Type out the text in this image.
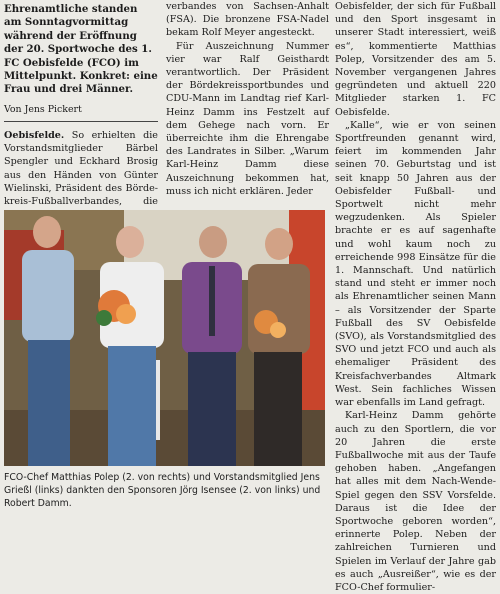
Ehrenamtliche standen am Sonntagvormittag während der Eröffnung der 20. Sportwoche des 1. FC Oebisfelde (FCO) im Mittelpunkt. Konkret: eine Frau und drei Männer.

Von Jens Pickert

Oebisfelde. So erhielten die Vorstandsmitglieder Bärbel Spengler und Eckhard Brosig aus den Händen von Günter Wielinski, Präsident des Börde-kreis-Fußballverbandes, die

verbandes von Sachsen-Anhalt (FSA). Die bronzene FSA-Nadel bekam Rolf Meyer angesteckt.

Für Auszeichnung Nummer vier war Ralf Geisthardt verantwortlich. Der Präsident der Bördekreissportbundes und CDU-Mann im Landtag rief Karl-Heinz Damm ins Festzelt auf dem Gehege nach vorn. Er überreichte ihm die Ehrengabe des Landrates in Silber. „Warum Karl-Heinz Damm diese Auszeichnung bekommen hat, muss ich nicht erklären. Jeder

Oebisfelder, der sich für Fußball und den Sport insgesamt in unserer Stadt interessiert, weiß es“, kommentierte Matthias Polep, Vorsitzender des am 5. November vergangenen Jahres gegründeten und aktuell 220 Mitglieder starken 1. FC Oebisfelde.

„Kalle“, wie er von seinen Sportfreunden genannt wird, feiert im kommenden Jahr seinen 70. Geburtstag und ist seit knapp 50 Jahren aus der Oebisfelder Fußball- und Sportwelt nicht mehr wegzudenken. Als Spieler brachte er es auf sagenhafte und wohl kaum noch zu erreichende 998 Einsätze für die 1. Mannschaft. Und natürlich stand und steht er immer noch als Ehrenamtlicher seinen Mann – als Vorsitzender der Sparte Fußball des SV Oebisfelde (SVO), als Vorstandsmitglied des SVO und jetzt FCO und auch als ehemaliger Präsident des Kreisfachverbandes Altmark West. Sein fachliches Wissen war ebenfalls im Land gefragt.

Karl-Heinz Damm gehörte auch zu den Sportlern, die vor 20 Jahren die erste Fußballwoche mit aus der Taufe gehoben haben. „Angefangen hat alles mit dem Nach-Wende-Spiel gegen den SSV Vorsfelde. Daraus ist die Idee der Sportwoche geboren worden“, erinnerte Polep. Neben der zahlreichen Turnieren und Spielen im Verlauf der Jahre gab es auch „Ausreißer“, wie es der FCO-Chef formulier-

FCO-Chef Matthias Polep (2. von rechts) und Vorstandsmitglied Jens Grießl (links) dankten den Sponsoren Jörg Isensee (2. von links) und Robert Damm.
